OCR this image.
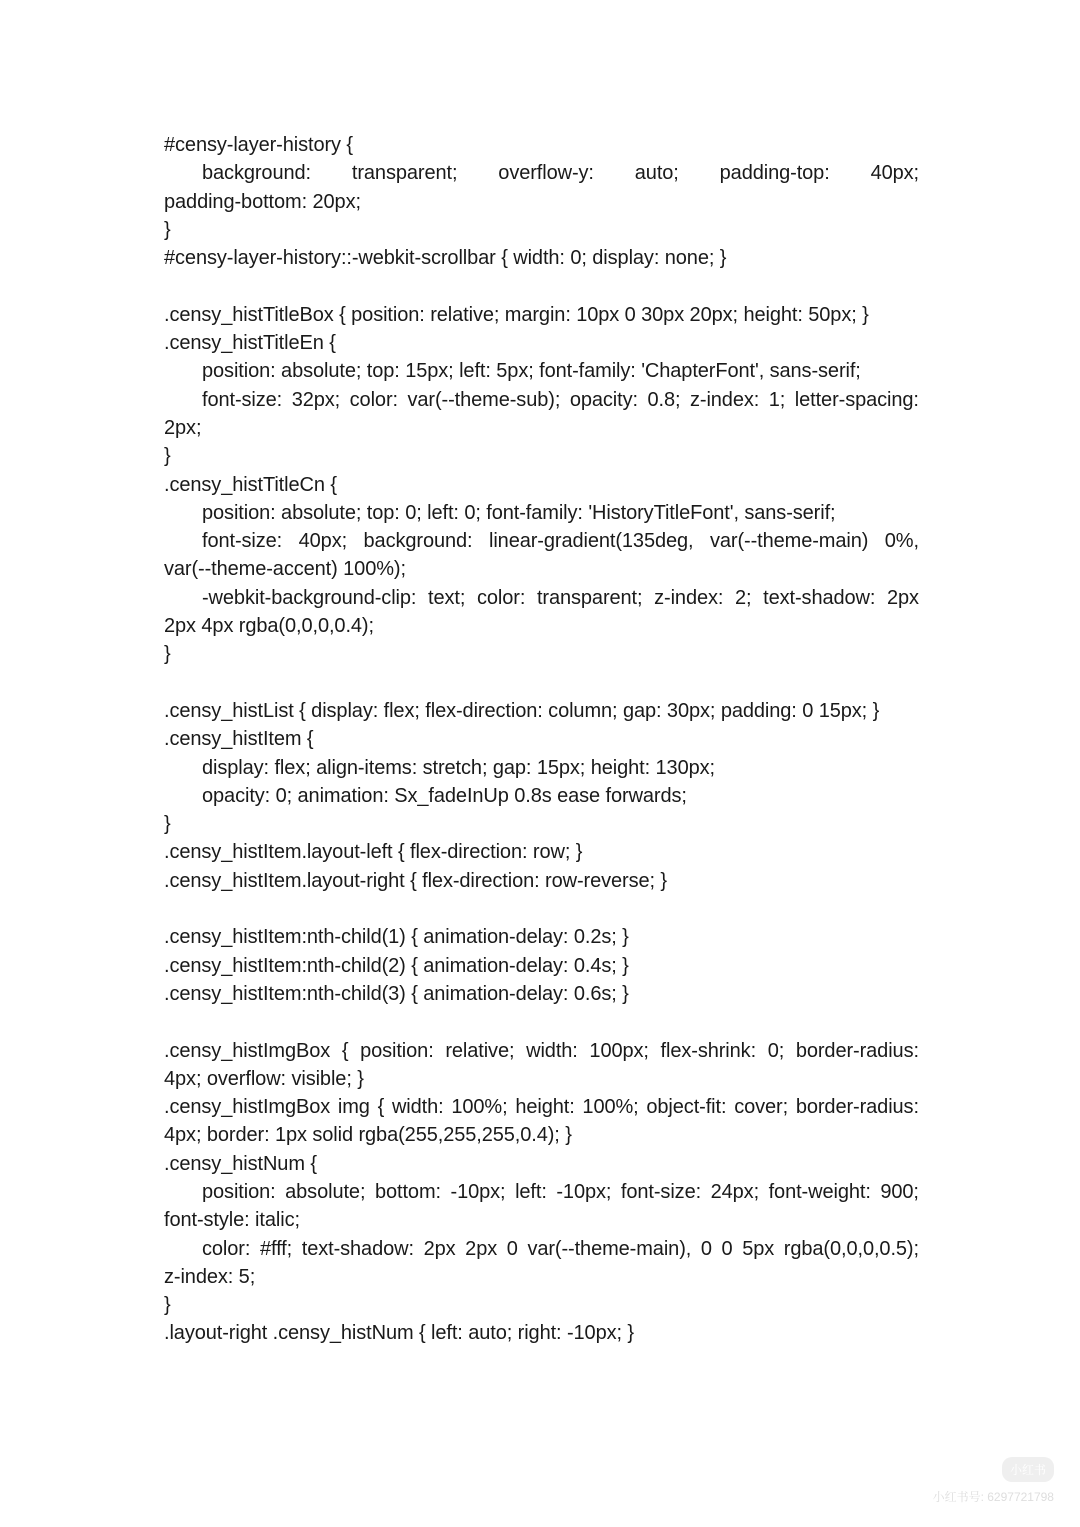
#censy-layer-history {
background: transparent; overflow-y: auto; padding-top: 40px;
padding-bottom: 20px;
}
#censy-layer-history::-webkit-scrollbar { width: 0; display: none; }
.censy_histTitleBox { position: relative; margin: 10px 0 30px 20px; height: 50px; }
.censy_histTitleEn {
position: absolute; top: 15px; left: 5px; font-family: 'ChapterFont', sans-serif;
font-size: 32px; color: var(--theme-sub); opacity: 0.8; z-index: 1; letter-spacing:
2px;
}
.censy_histTitleCn {
position: absolute; top: 0; left: 0; font-family: 'HistoryTitleFont', sans-serif;
font-size: 40px; background: linear-gradient(135deg, var(--theme-main) 0%,
var(--theme-accent) 100%);
-webkit-background-clip: text; color: transparent; z-index: 2; text-shadow: 2px
2px 4px rgba(0,0,0,0.4);
}
.censy_histList { display: flex; flex-direction: column; gap: 30px; padding: 0 15px; }
.censy_histItem {
display: flex; align-items: stretch; gap: 15px; height: 130px;
opacity: 0; animation: Sx_fadeInUp 0.8s ease forwards;
}
.censy_histItem.layout-left { flex-direction: row; }
.censy_histItem.layout-right { flex-direction: row-reverse; }
.censy_histItem:nth-child(1) { animation-delay: 0.2s; }
.censy_histItem:nth-child(2) { animation-delay: 0.4s; }
.censy_histItem:nth-child(3) { animation-delay: 0.6s; }
.censy_histImgBox { position: relative; width: 100px; flex-shrink: 0; border-radius:
4px; overflow: visible; }
.censy_histImgBox img { width: 100%; height: 100%; object-fit: cover; border-radius:
4px; border: 1px solid rgba(255,255,255,0.4); }
.censy_histNum {
position: absolute; bottom: -10px; left: -10px; font-size: 24px; font-weight: 900;
font-style: italic;
color: #fff; text-shadow: 2px 2px 0 var(--theme-main), 0 0 5px rgba(0,0,0,0.5);
z-index: 5;
}
.layout-right .censy_histNum { left: auto; right: -10px; }
小红书
小红书号: 6297721798
